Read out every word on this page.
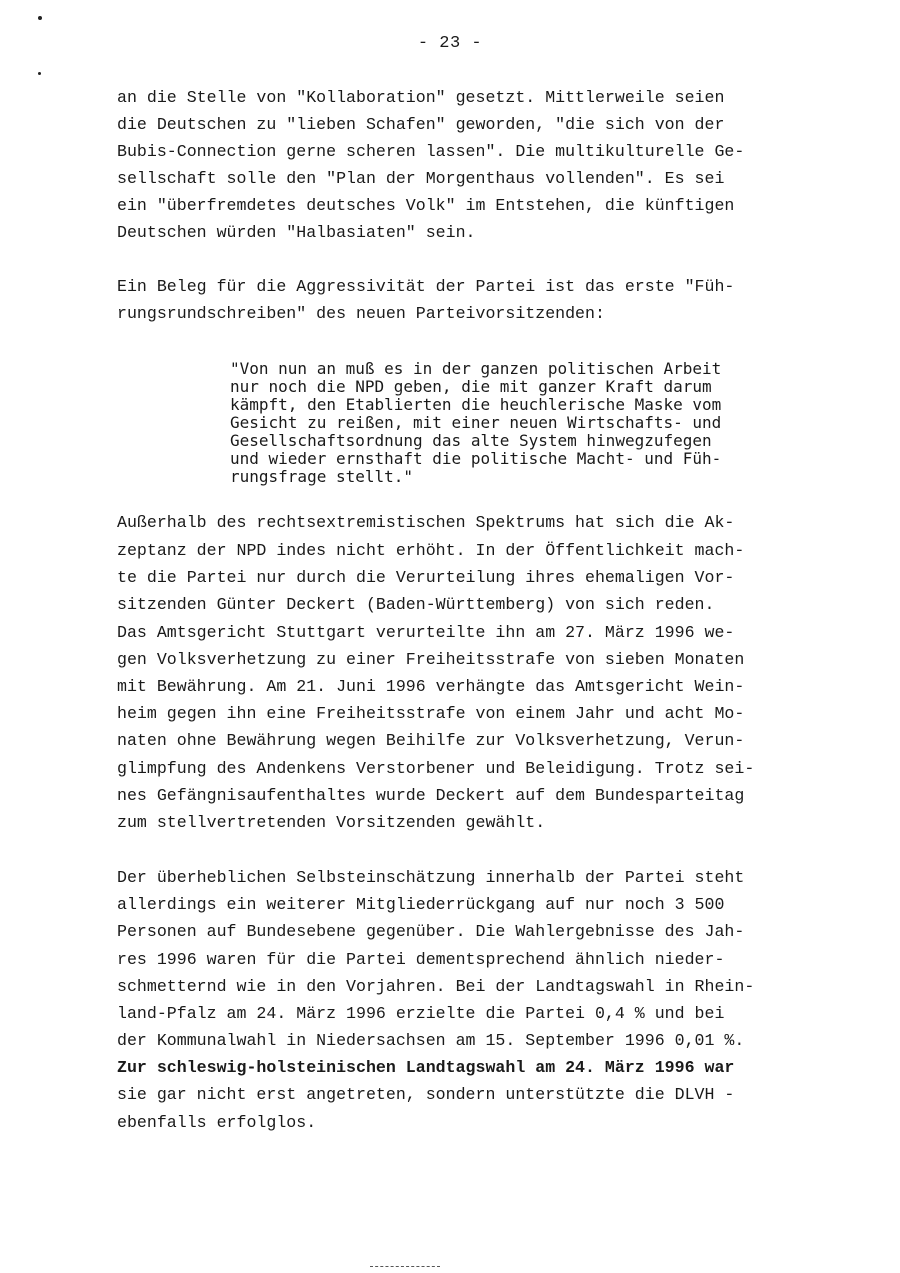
- 23 -
an die Stelle von "Kollaboration" gesetzt. Mittlerweile seien
die Deutschen zu "lieben Schafen" geworden, "die sich von der
Bubis-Connection gerne scheren lassen". Die multikulturelle Ge-
sellschaft solle den "Plan der Morgenthaus vollenden". Es sei
ein "überfremdetes deutsches Volk" im Entstehen, die künftigen
Deutschen würden "Halbasiaten" sein.
Ein Beleg für die Aggressivität der Partei ist das erste "Füh-
rungsrundschreiben" des neuen Parteivorsitzenden:
"Von nun an muß es in der ganzen politischen Arbeit
nur noch die NPD geben, die mit ganzer Kraft darum
kämpft, den Etablierten die heuchlerische Maske vom
Gesicht zu reißen, mit einer neuen Wirtschafts- und
Gesellschaftsordnung das alte System hinwegzufegen
und wieder ernsthaft die politische Macht- und Füh-
rungsfrage stellt."
Außerhalb des rechtsextremistischen Spektrums hat sich die Ak-
zeptanz der NPD indes nicht erhöht. In der Öffentlichkeit mach-
te die Partei nur durch die Verurteilung ihres ehemaligen Vor-
sitzenden Günter Deckert (Baden-Württemberg) von sich reden.
Das Amtsgericht Stuttgart verurteilte ihn am 27. März 1996 we-
gen Volksverhetzung zu einer Freiheitsstrafe von sieben Monaten
mit Bewährung. Am 21. Juni 1996 verhängte das Amtsgericht Wein-
heim gegen ihn eine Freiheitsstrafe von einem Jahr und acht Mo-
naten ohne Bewährung wegen Beihilfe zur Volksverhetzung, Verun-
glimpfung des Andenkens Verstorbener und Beleidigung. Trotz sei-
nes Gefängnisaufenthaltes wurde Deckert auf dem Bundesparteitag
zum stellvertretenden Vorsitzenden gewählt.
Der überheblichen Selbsteinschätzung innerhalb der Partei steht
allerdings ein weiterer Mitgliederrückgang auf nur noch 3 500
Personen auf Bundesebene gegenüber. Die Wahlergebnisse des Jah-
res 1996 waren für die Partei dementsprechend ähnlich nieder-
schmetternd wie in den Vorjahren. Bei der Landtagswahl in Rhein-
land-Pfalz am 24. März 1996 erzielte die Partei 0,4 % und bei
der Kommunalwahl in Niedersachsen am 15. September 1996 0,01 %.
Zur schleswig-holsteinischen Landtagswahl am 24. März 1996 war
sie gar nicht erst angetreten, sondern unterstützte die DLVH -
ebenfalls erfolglos.
